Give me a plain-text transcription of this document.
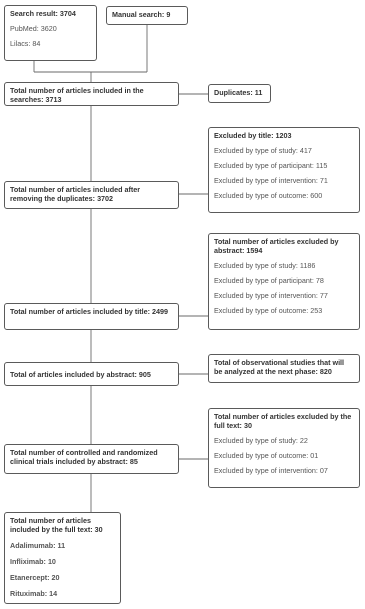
Search result: 3704
PubMed: 3620
Lilacs: 84
Manual search: 9
Total number of articles included in the searches: 3713
Duplicates: 11
Excluded by title: 1203
Excluded by type of study: 417
Excluded by type of participant: 115
Excluded by type of intervention: 71
Excluded by type of outcome: 600
Total number of articles included after removing the duplicates: 3702
Total number of articles excluded by abstract: 1594
Excluded by type of study: 1186
Excluded by type of participant: 78
Excluded by type of intervention: 77
Excluded by type of outcome: 253
Total number of articles included by title: 2499
Total of articles included by abstract: 905
Total of observational studies that will be analyzed at the next phase: 820
Total number of articles excluded by the full text: 30
Excluded by type of study: 22
Excluded by type of outcome: 01
Excluded by type of intervention: 07
Total number of controlled and randomized clinical trials included by abstract: 85
Total number of articles included by the full text: 30
Adalimumab: 11
Infliximab: 10
Etanercept: 20
Rituximab: 14
